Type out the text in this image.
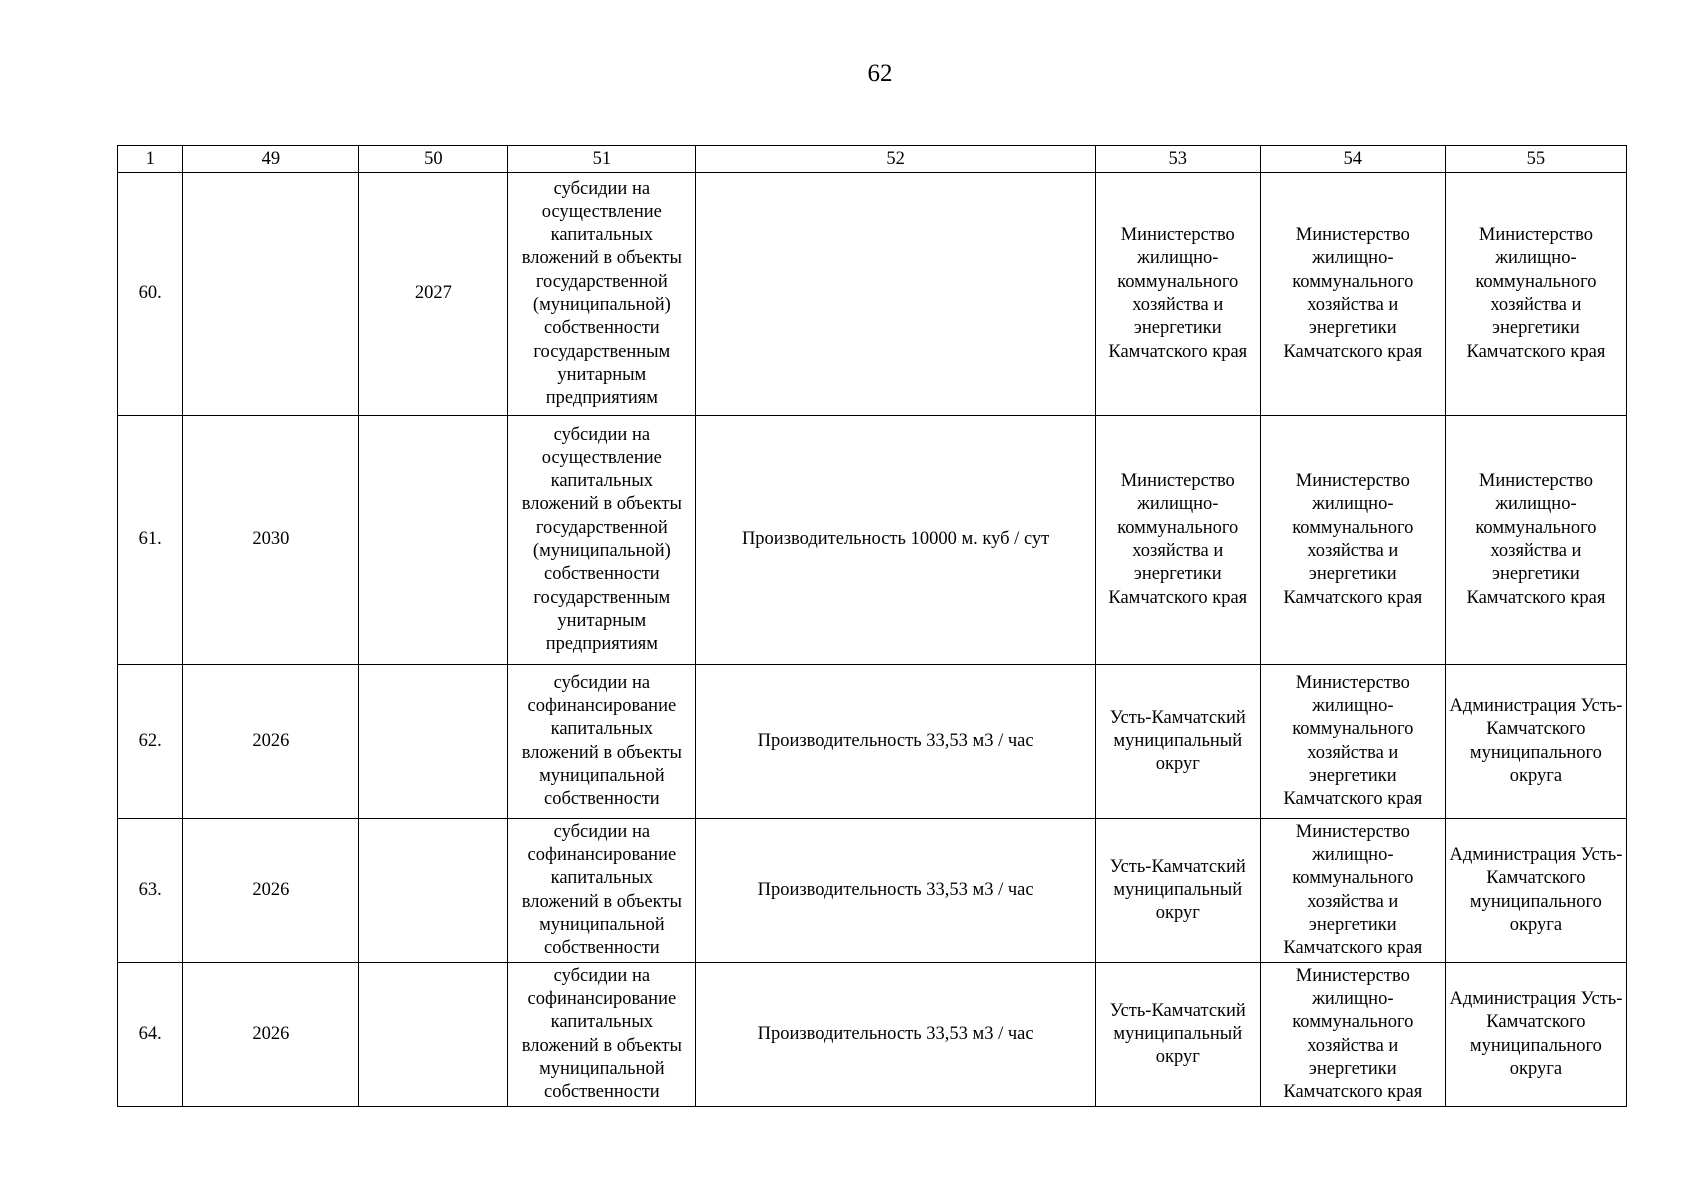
62
1	49	50	51	52	53	54	55
60.		2027	субсидии на осуществление капитальных вложений в объекты государственной (муниципальной) собственности государственным унитарным предприятиям		Министерство жилищно-коммунального хозяйства и энергетики Камчатского края	Министерство жилищно-коммунального хозяйства и энергетики Камчатского края	Министерство жилищно-коммунального хозяйства и энергетики Камчатского края
61.	2030		субсидии на осуществление капитальных вложений в объекты государственной (муниципальной) собственности государственным унитарным предприятиям	Производительность 10000 м. куб / сут	Министерство жилищно-коммунального хозяйства и энергетики Камчатского края	Министерство жилищно-коммунального хозяйства и энергетики Камчатского края	Министерство жилищно-коммунального хозяйства и энергетики Камчатского края
62.	2026		субсидии на софинансирование капитальных вложений в объекты муниципальной собственности	Производительность 33,53 м3 / час	Усть-Камчатский муниципальный округ	Министерство жилищно-коммунального хозяйства и энергетики Камчатского края	Администрация Усть-Камчатского муниципального округа
63.	2026		субсидии на софинансирование капитальных вложений в объекты муниципальной собственности	Производительность 33,53 м3 / час	Усть-Камчатский муниципальный округ	Министерство жилищно-коммунального хозяйства и энергетики Камчатского края	Администрация Усть-Камчатского муниципального округа
64.	2026		субсидии на софинансирование капитальных вложений в объекты муниципальной собственности	Производительность 33,53 м3 / час	Усть-Камчатский муниципальный округ	Министерство жилищно-коммунального хозяйства и энергетики Камчатского края	Администрация Усть-Камчатского муниципального округа
